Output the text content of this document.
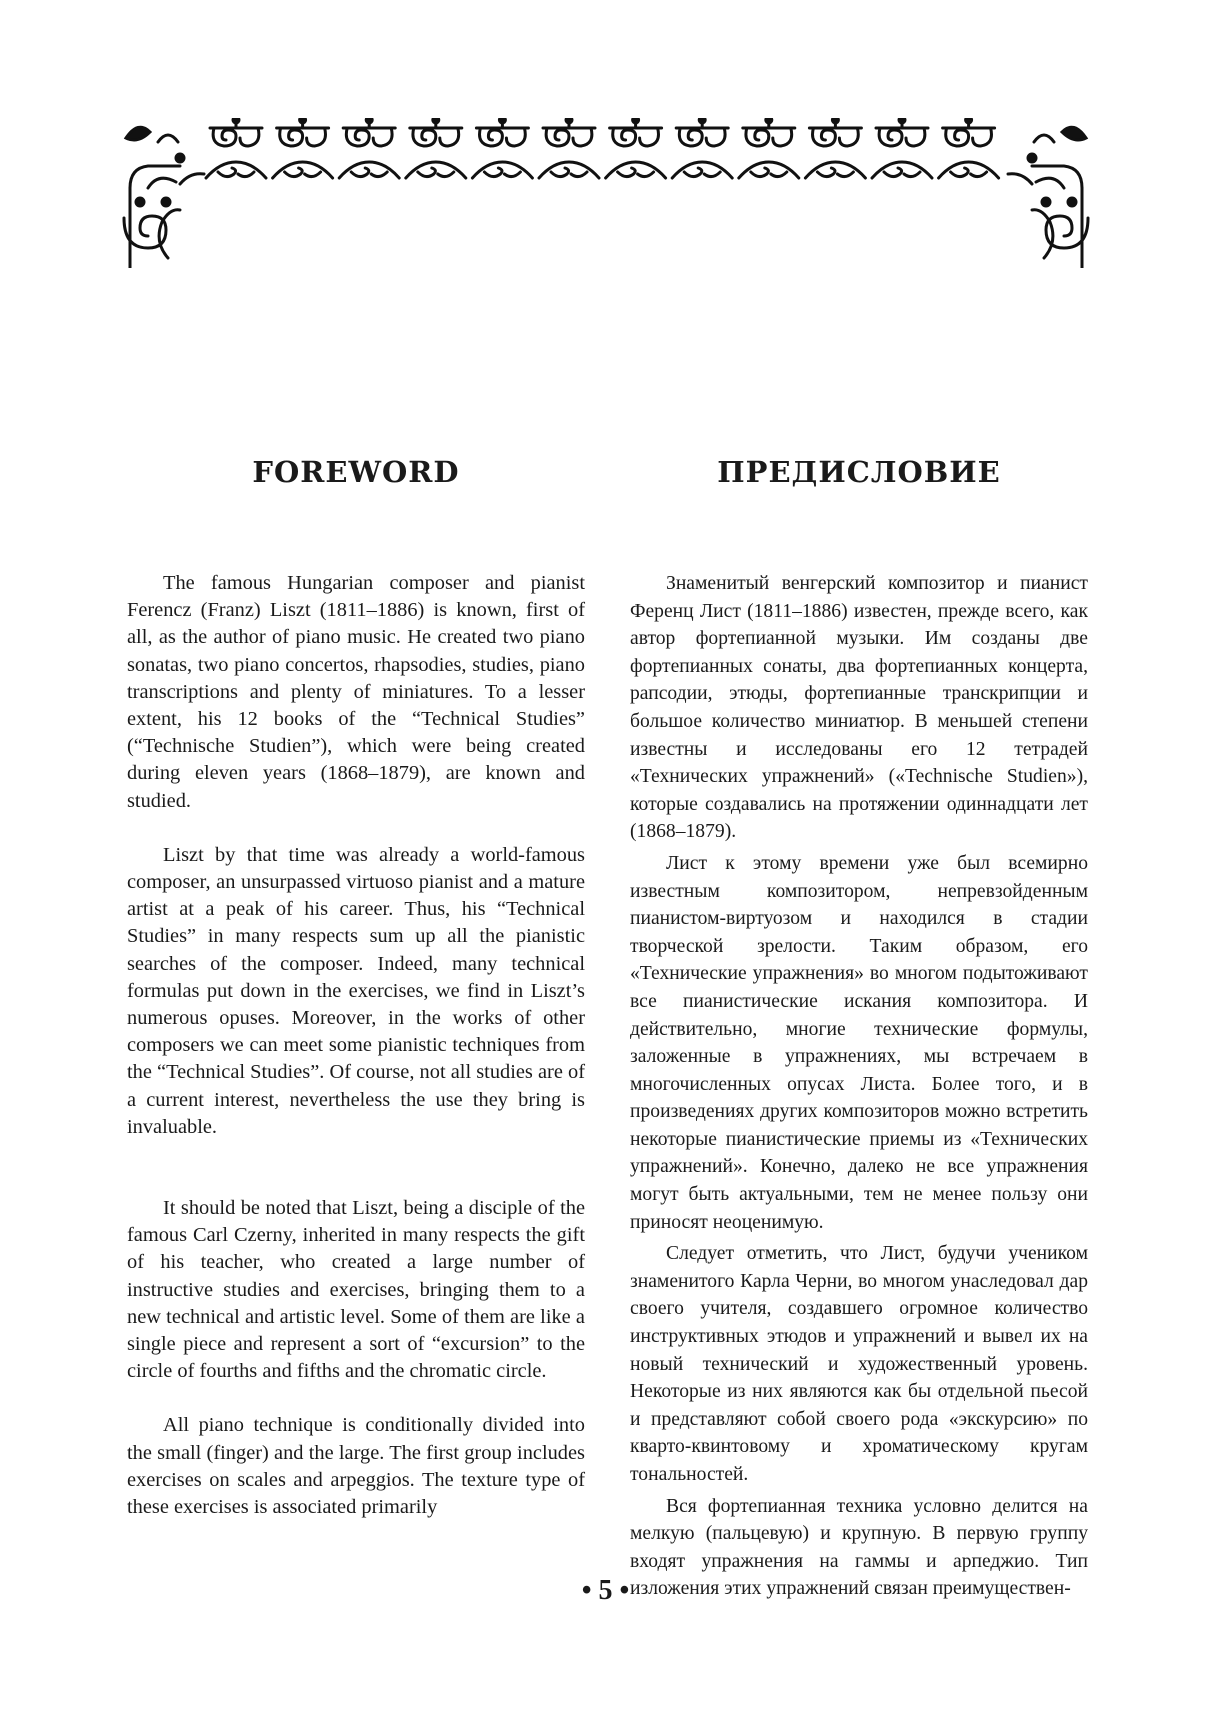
FOREWORD

The famous Hungarian composer and pianist Ferencz (Franz) Liszt (1811–1886) is known, first of all, as the author of piano music. He created two piano sonatas, two piano concertos, rhapsodies, studies, piano transcriptions and plenty of miniatures. To a lesser extent, his 12 books of the “Technical Studies” (“Technische Studien”), which were being created during eleven years (1868–1879), are known and studied.

Liszt by that time was already a world-famous composer, an unsurpassed virtuoso pianist and a mature artist at a peak of his career. Thus, his “Technical Studies” in many respects sum up all the pianistic searches of the composer. Indeed, many technical formulas put down in the exercises, we find in Liszt’s numerous opuses. Moreover, in the works of other composers we can meet some pianistic techniques from the “Technical Studies”. Of course, not all studies are of a current interest, nevertheless the use they bring is invaluable.

It should be noted that Liszt, being a disciple of the famous Carl Czerny, inherited in many respects the gift of his teacher, who created a large number of instructive studies and exercises, bringing them to a new technical and artistic level. Some of them are like a single piece and represent a sort of “excursion” to the circle of fourths and fifths and the chromatic circle.

All piano technique is conditionally divided into the small (finger) and the large. The first group includes exercises on scales and arpeggios. The texture type of these exercises is associated primarily

ПРЕДИСЛОВИЕ

Знаменитый венгерский композитор и пианист Ференц Лист (1811–1886) известен, прежде всего, как автор фортепианной музыки. Им созданы две фортепианных сонаты, два фортепианных концерта, рапсодии, этюды, фортепианные транскрипции и большое количество миниатюр. В меньшей степени известны и исследованы его 12 тетрадей «Технических упражнений» («Technische Studien»), которые создавались на протяжении одиннадцати лет (1868–1879).

Лист к этому времени уже был всемирно известным композитором, непревзойденным пианистом-виртуозом и находился в стадии творческой зрелости. Таким образом, его «Технические упражнения» во многом подытоживают все пианистические искания композитора. И действительно, многие технические формулы, заложенные в упражнениях, мы встречаем в многочисленных опусах Листа. Более того, и в произведениях других композиторов можно встретить некоторые пианистические приемы из «Технических упражнений». Конечно, далеко не все упражнения могут быть актуальными, тем не менее пользу они приносят неоценимую.

Следует отметить, что Лист, будучи учеником знаменитого Карла Черни, во многом унаследовал дар своего учителя, создавшего огромное количество инструктивных этюдов и упражнений и вывел их на новый технический и художественный уровень. Некоторые из них являются как бы отдельной пьесой и представляют собой своего рода «экскурсию» по кварто-квинтовому и хроматическому кругам тональностей.

Вся фортепианная техника условно делится на мелкую (пальцевую) и крупную. В первую группу входят упражнения на гаммы и арпеджио. Тип изложения этих упражнений связан преимуществен-

• 5 •
